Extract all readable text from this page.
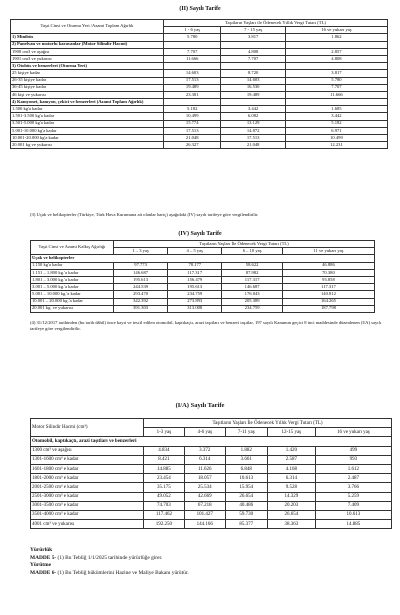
(II) Sayılı Tarife
Taşıt Cinsi ve Oturma Yeri /Azami Toplam Ağırlık	Taşıtların Yaşları ile Ödenecek Yıllık Vergi Tutarı (TL)		
	1 - 6 yaş	7 - 15 yaş	16 ve yukarı yaş
1) Minibüs	5.780	3.817	1.862
2) Panelvan ve motorlu karavanlar (Motor Silindir Hacmi)			
1900 cm3 ve aşağısı	7.707	4.808	2.857
1901 cm3 ve yukarısı	11.666	7.707	4.808
3) Otobüs ve benzerleri (Oturma Yeri)			
25 kişiye kadar	14.603	8.720	3.817
26-35 kişiye kadar	17.513	14.603	5.780
36-45 kişiye kadar	19.489	16.530	7.707
46 kişi ve yukarısı	23.381	19.489	11.666
4) Kamyonet, kamyon, çekici ve benzerleri (Azami Toplam Ağırlık)			
1.500 kg'a kadar	5.182	3.442	1.685
1.501-3.500 kg'a kadar	10.499	6.082	3.442
3.501-5.000 kg'a kadar	15.774	13.129	5.182
5.001-10.000 kg'a kadar	17.513	14.872	6.971
10.001-20.000 kg'a kadar	21.048	17.513	10.499
20.001 kg ve yukarısı	26.327	21.048	12.231
(3) Uçak ve helikopterler (Türkiye, Türk Hava Kurumuna ait olanlar hariç) aşağıdaki (IV) sayılı tarifeye göre vergilendirilir.
(IV) Sayılı Tarife
Taşıt Cinsi ve Azami Kalkış Ağırlığı	Taşıtların Yaşları İle Ödenecek Vergi Tutarı (TL)			
	1 – 3 yaş	4 – 5 yaş	6 – 10 yaş	11 ve yukarı yaş
Uçak ve helikopterler				
1.150 kg'a kadar	97.773	78.177	58.622	46.886
1.151 – 1.800 kg.'a kadar	146.687	117.317	87.982	70.380
1.801 – 3.000 kg.'a kadar	195.613	156.479	117.317	93.858
3.001 – 5.000 kg.'a kadar	244.539	195.613	146.687	117.317
5.001 – 10.000 kg.'a kadar	293.470	234.759	176.043	140.812
10.001 – 20.000 kg.'a kadar	342.392	273.893	205.389	164.265
20.001 kg. ve yukarısı	391.303	313.008	234.759	187.798
(4) 31/12/2017 tarihinden (bu tarih dâhil) önce kayıt ve tescil edilen otomobil, kaptıkaçtı, arazi taşıtları ve benzeri taşıtlar, 197 sayılı Kanunun geçici 8 inci maddesinde düzenlenen (I/A) sayılı tarifeye göre vergilendirilir.
(I/A) Sayılı Tarife
Motor Silindir Hacmi (cm³)	Taşıtların Yaşları İle Ödenecek Yıllık Vergi Tutarı (TL)				
	1-3 yaş	4-6 yaş	7-11 yaş	12-15 yaş	16 ve yukarı yaş
Otomobil, kaptıkaçtı, arazi taşıtları ve benzerleri					
1300 cm³ ve aşağısı	4.834	3.372	1.882	1.420	499
1301-1600 cm³ e kadar	8.421	6.314	3.661	2.587	993
1601-1800 cm³ e kadar	14.885	11.626	6.848	4.168	1.612
1801-2000 cm³ e kadar	23.454	18.057	10.613	6.314	2.487
2001-2500 cm³ e kadar	35.175	25.534	15.954	9.528	3.766
2501-3000 cm³ e kadar	49.052	42.669	26.654	14.329	5.259
3001-3500 cm³ e kadar	74.703	67.218	40.486	20.203	7.409
3501-4000 cm³ e kadar	117.462	101.427	59.730	26.654	10.613
4001 cm³ ve yukarısı	192.250	144.166	85.377	38.363	14.885
Yürürlük
MADDE 5- (1) Bu Tebliğ 1/1/2025 tarihinde yürürlüğe girer.
Yürütme
MADDE 6- (1) Bu Tebliğ hükümlerini Hazine ve Maliye Bakanı yürütür.
